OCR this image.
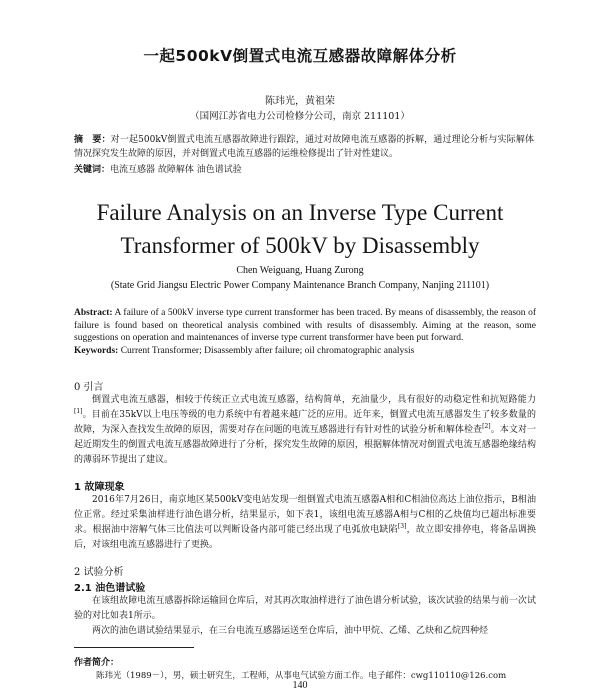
一起500kV倒置式电流互感器故障解体分析
陈玮光，黄祖荣
（国网江苏省电力公司检修分公司，南京 211101）
摘　要：对一起500kV倒置式电流互感器故障进行跟踪，通过对故障电流互感器的拆解，通过理论分析与实际解体情况探究发生故障的原因，并对倒置式电流互感器的运维检修提出了针对性建议。
关键词：电流互感器 故障解体 油色谱试验
Failure Analysis on an Inverse Type Current
Transformer of 500kV by Disassembly
Chen Weiguang, Huang Zurong
(State Grid Jiangsu Electric Power Company Maintenance Branch Company, Nanjing 211101)
Abstract: A failure of a 500kV inverse type current transformer has been traced. By means of disassembly, the reason of failure is found based on theoretical analysis combined with results of disassembly. Aiming at the reason, some suggestions on operation and maintenances of inverse type current transformer have been put forward.
Keywords: Current Transformer; Disassembly after failure; oil chromatographic analysis
0 引言
倒置式电流互感器，相较于传统正立式电流互感器，结构简单，充油量少，具有很好的动稳定性和抗短路能力[1]。目前在35kV以上电压等级的电力系统中有着越来越广泛的应用。近年来，倒置式电流互感器发生了较多数量的故障，为深入查找发生故障的原因，需要对存在问题的电流互感器进行有针对性的试验分析和解体检查[2]。本文对一起近期发生的倒置式电流互感器故障进行了分析，探究发生故障的原因，根据解体情况对倒置式电流互感器绝缘结构的薄弱环节提出了建议。
1 故障现象
2016年7月26日，南京地区某500kV变电站发现一组倒置式电流互感器A相和C相油位高达上油位指示，B相油位正常。经过采集油样进行油色谱分析，结果显示，如下表1，该组电流互感器A相与C相的乙炔值均已超出标准要求。根据油中溶解气体三比值法可以判断设备内部可能已经出现了电弧放电缺陷[3]，故立即安排停电，将备品调换后，对该组电流互感器进行了更换。
2 试验分析
2.1 油色谱试验
在该组故障电流互感器拆除运输回仓库后，对其再次取油样进行了油色谱分析试验，该次试验的结果与前一次试验的对比如表1所示。
两次的油色谱试验结果显示，在三台电流互感器运送至仓库后，油中甲烷、乙烯、乙炔和乙烷四种烃
作者简介：
陈玮光（1989－），男，硕士研究生，工程师，从事电气试验方面工作。电子邮件：cwg110110@126.com
140
